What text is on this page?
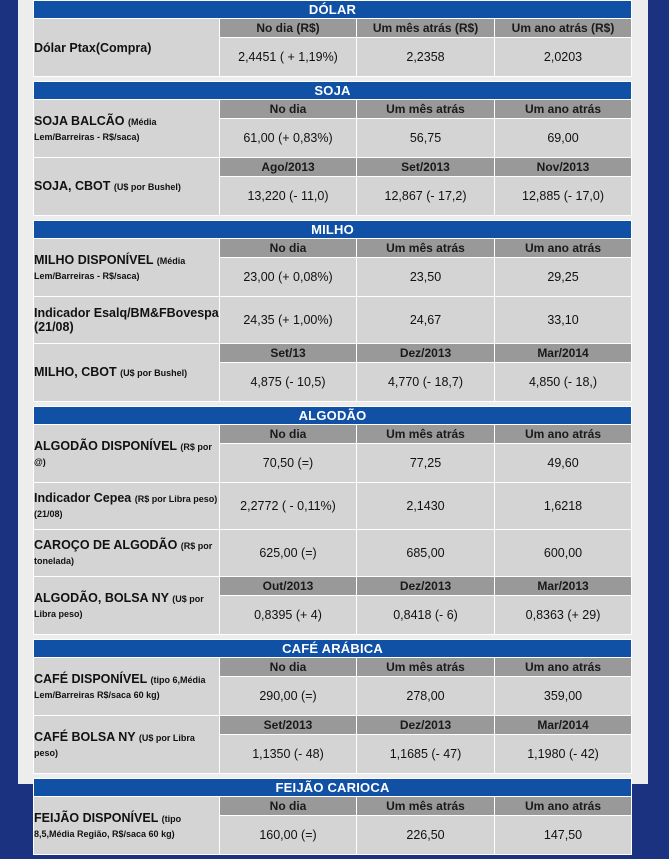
DÓLAR			
Dólar Ptax(Compra)	No dia (R$)	Um mês atrás (R$)	Um ano atrás (R$)
	2,4451 ( + 1,19%)	2,2358	2,0203
SOJA			
SOJA BALCÃO (Média Lem/Barreiras - R$/saca)	No dia	Um mês atrás	Um ano atrás
	61,00 (+ 0,83%)	56,75	69,00
SOJA, CBOT (U$ por Bushel)	Ago/2013	Set/2013	Nov/2013
	13,220 (- 11,0)	12,867 (- 17,2)	12,885 (- 17,0)
MILHO			
MILHO DISPONÍVEL (Média Lem/Barreiras - R$/saca)	No dia	Um mês atrás	Um ano atrás
	23,00 (+ 0,08%)	23,50	29,25
Indicador Esalq/BM&FBovespa (21/08)	24,35 (+ 1,00%)	24,67	33,10
MILHO, CBOT (U$ por Bushel)	Set/13	Dez/2013	Mar/2014
	4,875 (- 10,5)	4,770 (- 18,7)	4,850 (- 18,)
ALGODÃO			
ALGODÃO DISPONÍVEL (R$ por @)	No dia	Um mês atrás	Um ano atrás
	70,50 (=)	77,25	49,60
Indicador Cepea (R$ por Libra peso) (21/08)	2,2772 ( - 0,11%)	2,1430	1,6218
CAROÇO DE ALGODÃO (R$ por tonelada)	625,00 (=)	685,00	600,00
ALGODÃO, BOLSA NY (U$ por Libra peso)	Out/2013	Dez/2013	Mar/2013
	0,8395 (+ 4)	0,8418 (- 6)	0,8363 (+ 29)
CAFÉ ARÁBICA			
CAFÉ DISPONÍVEL (tipo 6,Média Lem/Barreiras R$/saca 60 kg)	No dia	Um mês atrás	Um ano atrás
	290,00 (=)	278,00	359,00
CAFÉ BOLSA NY (U$ por Libra peso)	Set/2013	Dez/2013	Mar/2014
	1,1350 (- 48)	1,1685 (- 47)	1,1980 (- 42)
FEIJÃO CARIOCA			
FEIJÃO DISPONÍVEL (tipo 8,5,Média Região, R$/saca 60 kg)	No dia	Um mês atrás	Um ano atrás
	160,00 (=)	226,50	147,50
